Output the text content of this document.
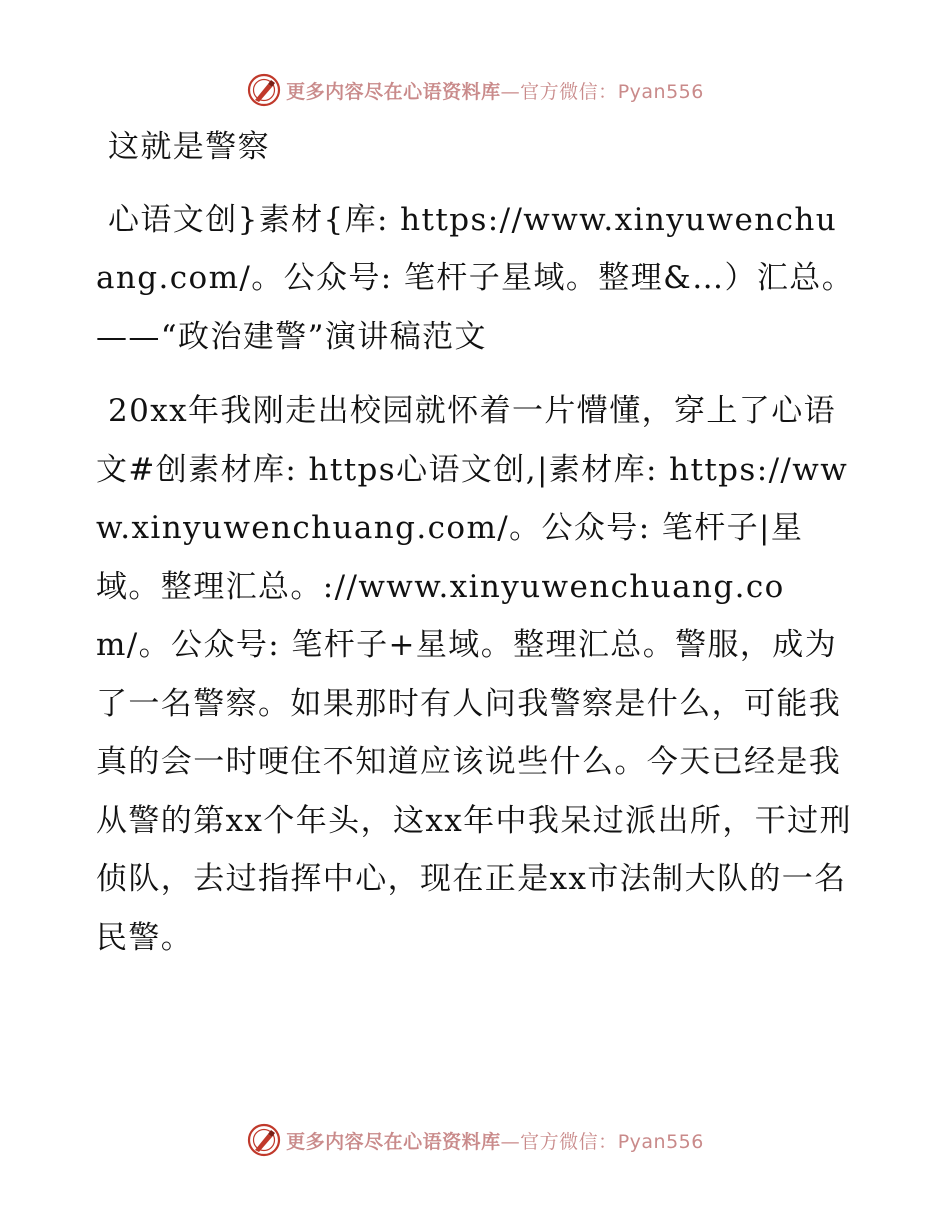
更多内容尽在心语资料库—官方微信：Pyan556

这就是警察

心语文创}素材{库: https://www.xinyuwenchuang.com/。公众号: 笔杆子星域。整理&…）汇总。——“政治建警”演讲稿范文

20xx年我刚走出校园就怀着一片懵懂，穿上了心语文#创素材库: https心语文创,|素材库: https://www.xinyuwenchuang.com/。公众号: 笔杆子|星域。整理汇总。://www.xinyuwenchuang.com/。公众号: 笔杆子+星域。整理汇总。警服，成为了一名警察。如果那时有人问我警察是什么，可能我真的会一时哽住不知道应该说些什么。今天已经是我从警的第xx个年头，这xx年中我呆过派出所，干过刑侦队，去过指挥中心，现在正是xx市法制大队的一名民警。

更多内容尽在心语资料库—官方微信：Pyan556
